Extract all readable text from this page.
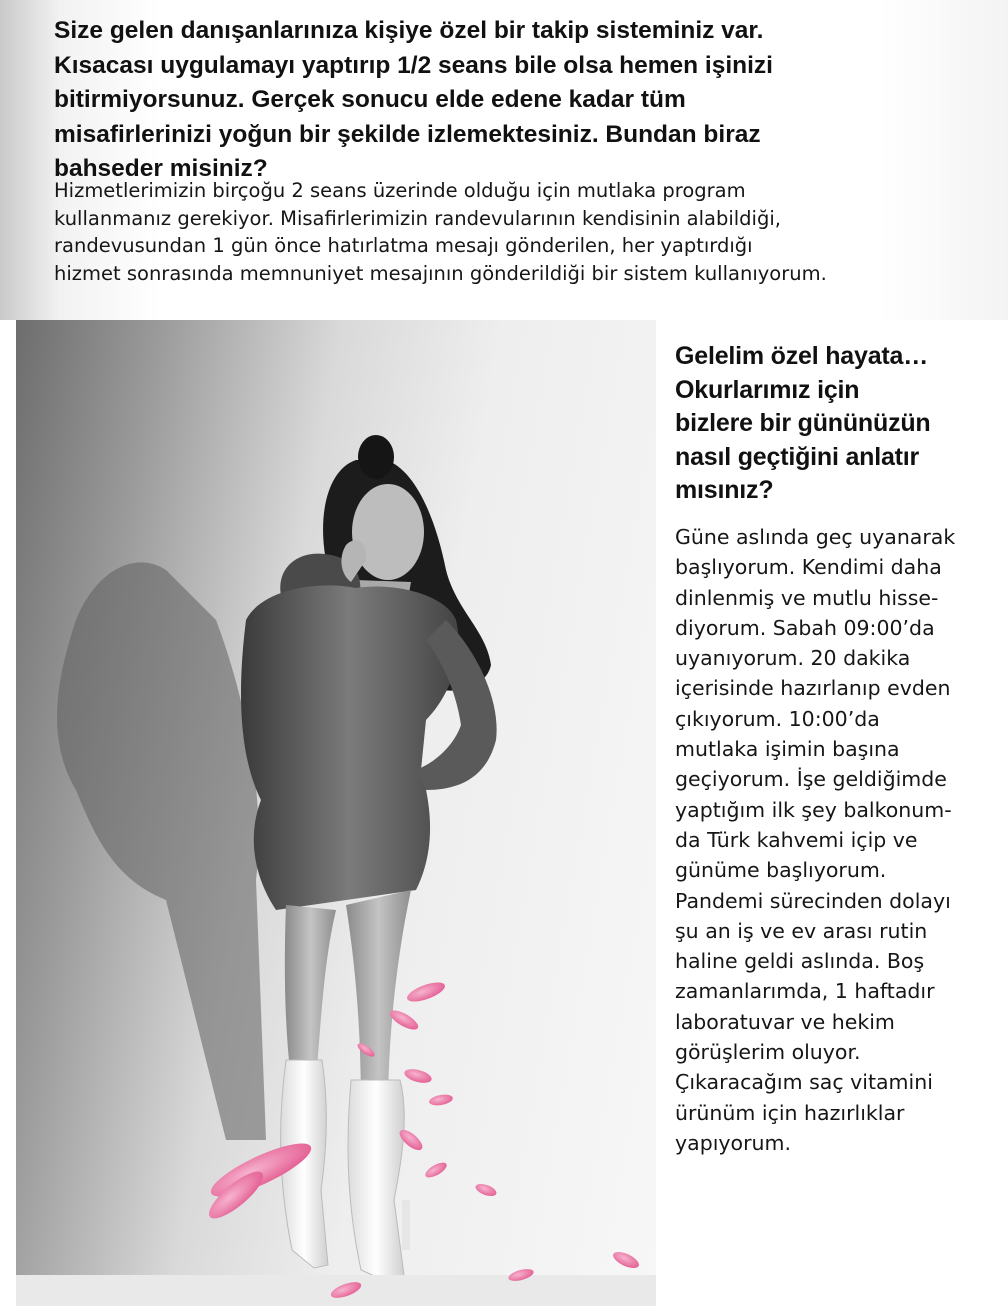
Size gelen danışanlarınıza kişiye özel bir takip sisteminiz var.
Kısacası uygulamayı yaptırıp 1/2 seans bile olsa hemen işinizi
bitirmiyorsunuz. Gerçek sonucu elde edene kadar tüm
misafirlerinizi yoğun bir şekilde izlemektesiniz. Bundan biraz
bahseder misiniz?

Hizmetlerimizin birçoğu 2 seans üzerinde olduğu için mutlaka program
kullanmanız gerekiyor. Misafirlerimizin randevularının kendisinin alabildiği,
randevusundan 1 gün önce hatırlatma mesajı gönderilen, her yaptırdığı
hizmet sonrasında memnuniyet mesajının gönderildiği bir sistem kullanıyorum.

Gelelim özel hayata…
Okurlarımız için
bizlere bir gününüzün
nasıl geçtiğini anlatır
mısınız?

Güne aslında geç uyanarak
başlıyorum. Kendimi daha
dinlenmiş ve mutlu hisse-
diyorum. Sabah 09:00’da
uyanıyorum. 20 dakika
içerisinde hazırlanıp evden
çıkıyorum. 10:00’da
mutlaka işimin başına
geçiyorum. İşe geldiğimde
yaptığım ilk şey balkonum-
da Türk kahvemi içip ve
günüme başlıyorum.
Pandemi sürecinden dolayı
şu an iş ve ev arası rutin
haline geldi aslında. Boş
zamanlarımda, 1 haftadır
laboratuvar ve hekim
görüşlerim oluyor.
Çıkaracağım saç vitamini
ürünüm için hazırlıklar
yapıyorum.
